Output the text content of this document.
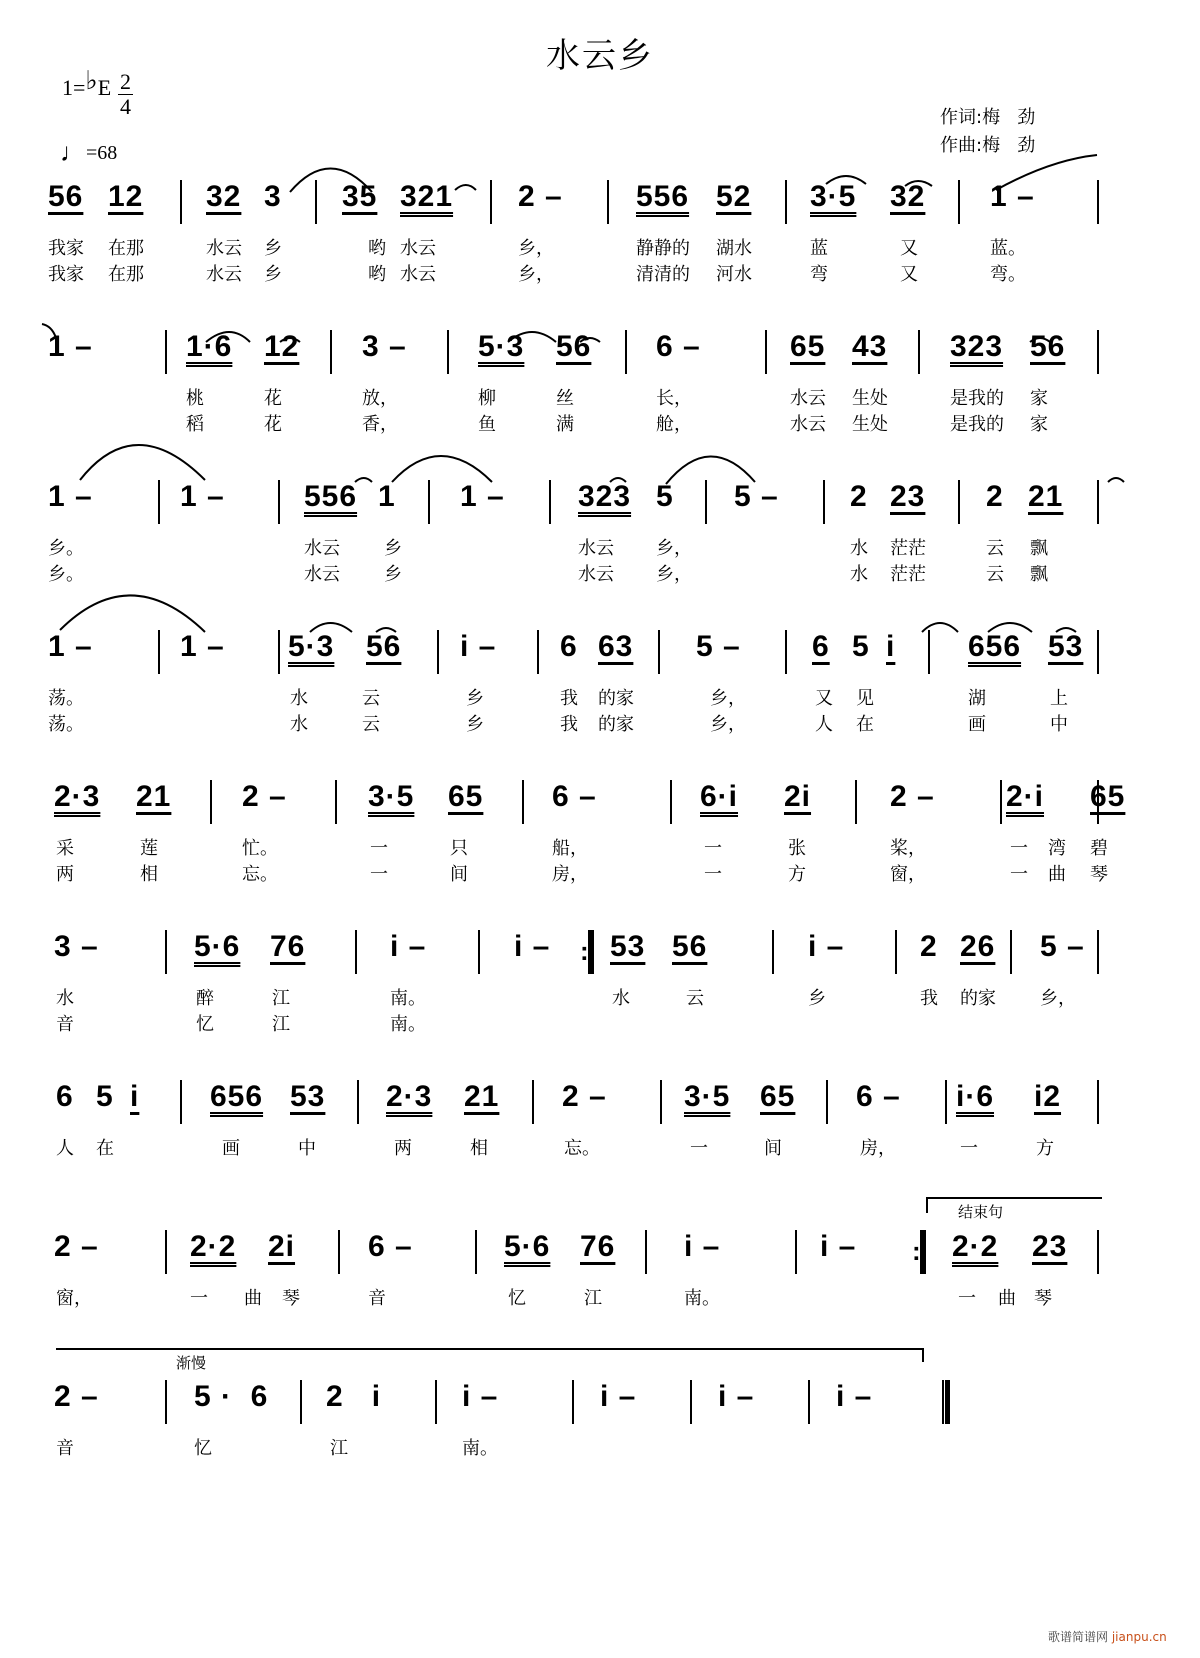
水云乡
1=♭E 2
4
♩=68
作词:梅   劲
作曲:梅   劲
56 12 32 3 35 321 2 – 556 52 3·5 32 1 –
我家 在那	水云 乡	哟 水云	乡，	静静的 湖水	蓝	又	蓝。
我家 在那	水云 乡	哟 水云	乡，	清清的 河水	弯	又	弯。
1 –	1·6 12 3 – 5·3 56 6 –	65 43 323 56
桃	花	放，	柳	丝	长，	水云 生处	是我的 家
稻	花	香，	鱼	满	舱，	水云 生处	是我的 家
1 –	1 –	556 1 1 – 323 5 5 – 2 23 2 21
乡。	水云 乡	水云 乡，	水 茫茫	云 飘
乡。	水云 乡	水云 乡，	水 茫茫	云 飘
1 –	1 – 5·3 56 i – 6 63 5 – 6 5 i 656 53
荡。	水	云	乡	我 的家	乡，	又 见	湖	上
荡。	水	云	乡	我 的家	乡，	人 在	画	中
2·3 21 2 –	3·5 65 6 –	6·i 2i	2 – 2·i 65
采	莲	忙。	一	只	船，	一	张	桨，	一 湾 碧
两	相	忘。	一	间	房，	一	方	窗，	一 曲 琴
:
3 –	5·6 76	i –	i – 53 56	i –	2 26 5 –
水	醉	江	南。	水	云	乡	我 的家 乡，
音	忆	江	南。
6 5 i 656 53 2·3 21 2 –	3·5 65 6 – i·6 i2
人 在	画	中	两	相	忘。	一	间	房，	一	方
:
2 –	2·2 2i 6 –	5·6 76 i –	i –	2·2 23
窗，	一 曲 琴	音	忆	江	南。	一 曲 琴
2 –	5 ·  6 2   i	i –	i –	i –	i –
音	忆	江	南。
结束句
渐慢
歌谱简谱网 jianpu.cn
